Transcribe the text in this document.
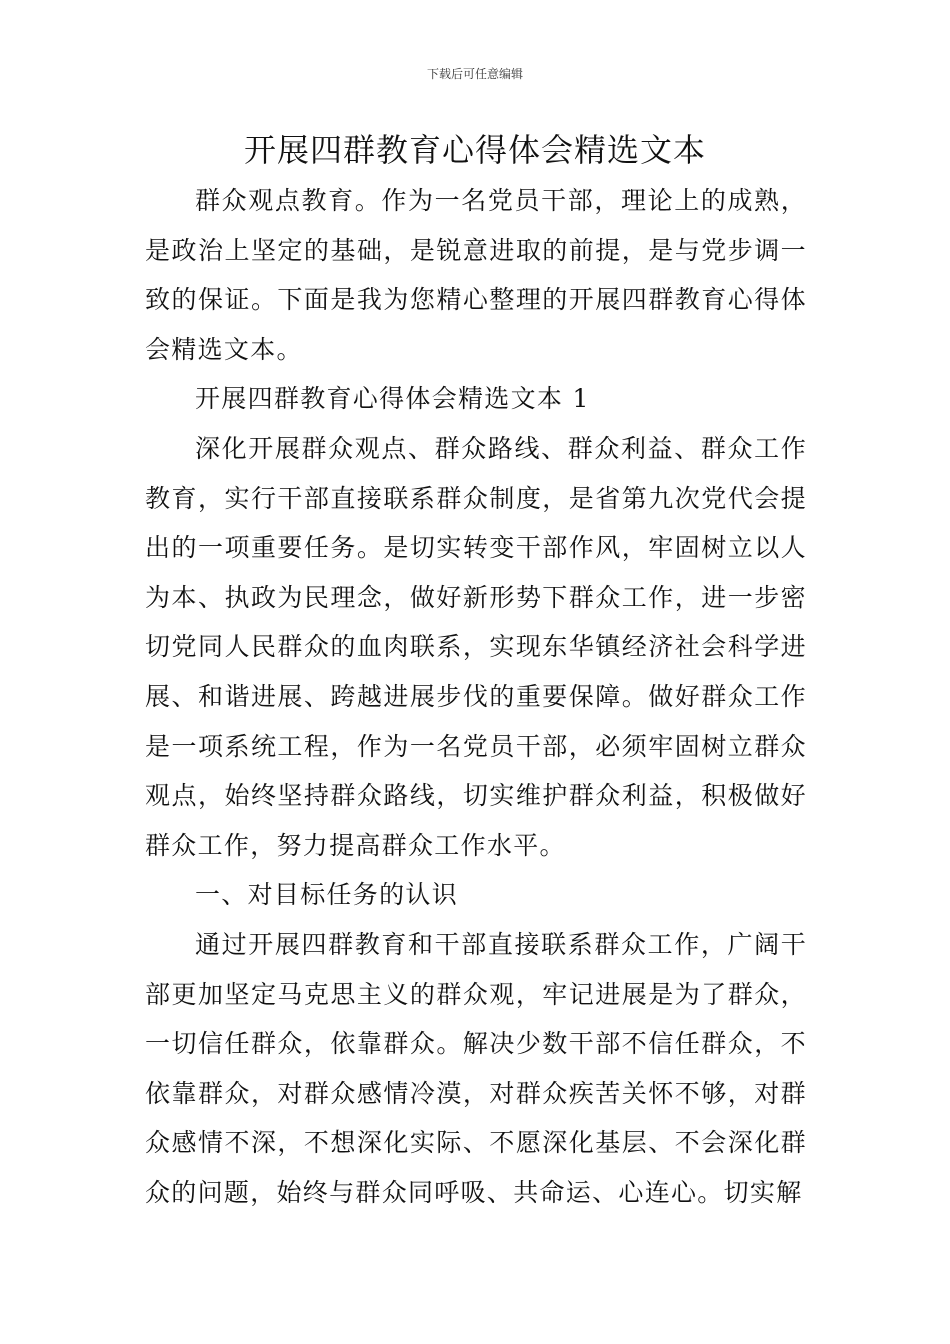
下载后可任意编辑
开展四群教育心得体会精选文本

群众观点教育。作为一名党员干部，理论上的成熟，是政治上坚定的基础，是锐意进取的前提，是与党步调一致的保证。下面是我为您精心整理的开展四群教育心得体会精选文本。

开展四群教育心得体会精选文本 1

深化开展群众观点、群众路线、群众利益、群众工作教育，实行干部直接联系群众制度，是省第九次党代会提出的一项重要任务。是切实转变干部作风，牢固树立以人为本、执政为民理念，做好新形势下群众工作，进一步密切党同人民群众的血肉联系，实现东华镇经济社会科学进展、和谐进展、跨越进展步伐的重要保障。做好群众工作是一项系统工程，作为一名党员干部，必须牢固树立群众观点，始终坚持群众路线，切实维护群众利益，积极做好群众工作，努力提高群众工作水平。

一、对目标任务的认识

通过开展四群教育和干部直接联系群众工作，广阔干部更加坚定马克思主义的群众观，牢记进展是为了群众，一切信任群众，依靠群众。解决少数干部不信任群众，不依靠群众，对群众感情冷漠，对群众疾苦关怀不够，对群众感情不深，不想深化实际、不愿深化基层、不会深化群众的问题，始终与群众同呼吸、共命运、心连心。切实解
